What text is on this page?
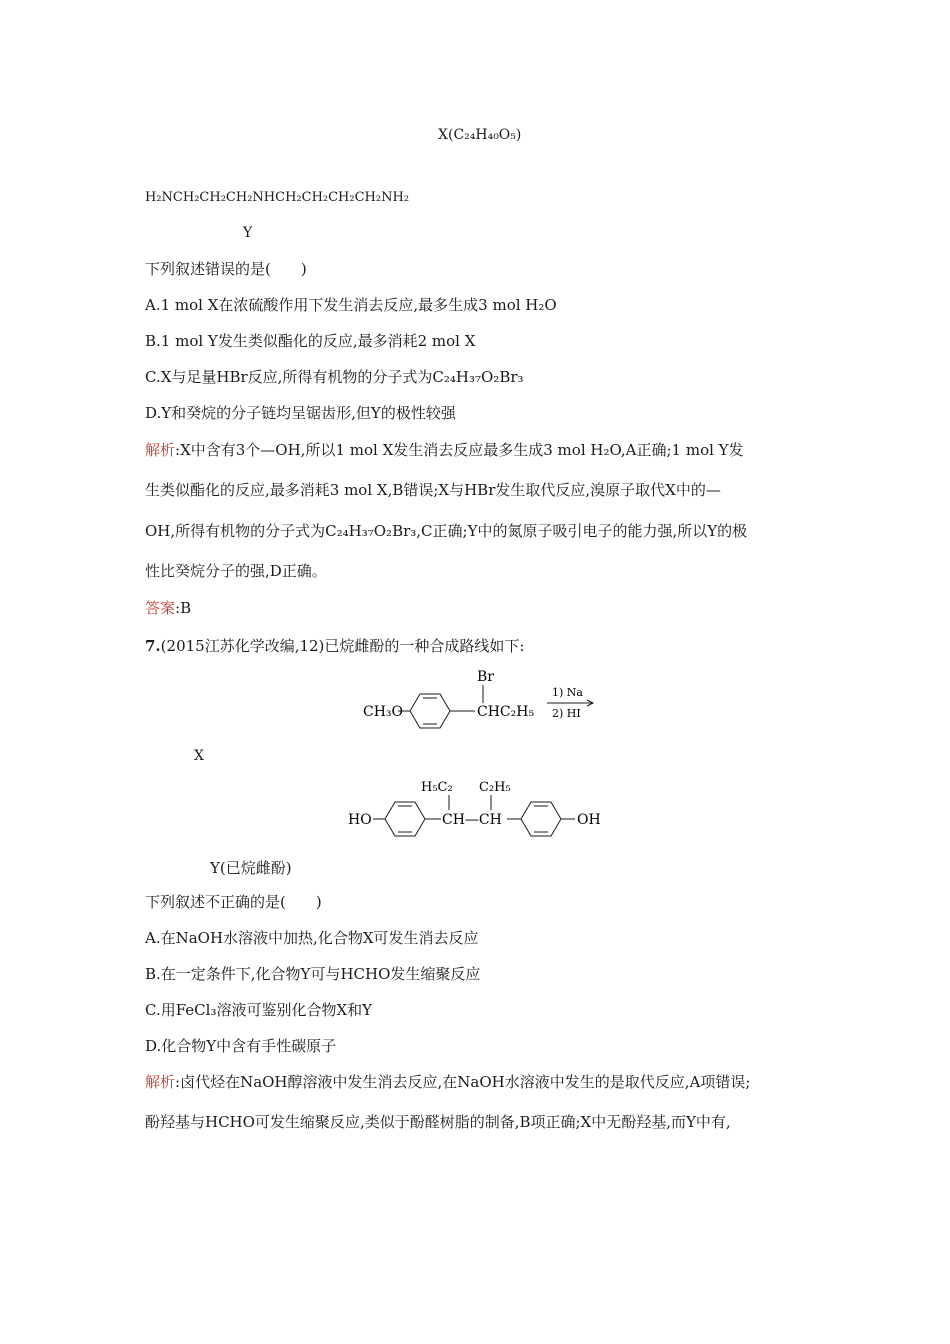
X(C₂₄H₄₀O₅)
H₂NCH₂CH₂CH₂NHCH₂CH₂CH₂CH₂NH₂
Y
下列叙述错误的是(　　)
A.1 mol X在浓硫酸作用下发生消去反应,最多生成3 mol H₂O
B.1 mol Y发生类似酯化的反应,最多消耗2 mol X
C.X与足量HBr反应,所得有机物的分子式为C₂₄H₃₇O₂Br₃
D.Y和癸烷的分子链均呈锯齿形,但Y的极性较强
解析:X中含有3个—OH,所以1 mol X发生消去反应最多生成3 mol H₂O,A正确;1 mol Y发
生类似酯化的反应,最多消耗3 mol X,B错误;X与HBr发生取代反应,溴原子取代X中的—
OH,所得有机物的分子式为C₂₄H₃₇O₂Br₃,C正确;Y中的氮原子吸引电子的能力强,所以Y的极
性比癸烷分子的强,D正确。
答案:B
7.(2015江苏化学改编,12)已烷雌酚的一种合成路线如下:
CH₃O
Br
CHC₂H₅
1) Na
2) HI
X
HO
H₅C₂ C₂H₅
CH—CH	OH
Y(已烷雌酚)
下列叙述不正确的是(　　)
A.在NaOH水溶液中加热,化合物X可发生消去反应
B.在一定条件下,化合物Y可与HCHO发生缩聚反应
C.用FeCl₃溶液可鉴别化合物X和Y
D.化合物Y中含有手性碳原子
解析:卤代烃在NaOH醇溶液中发生消去反应,在NaOH水溶液中发生的是取代反应,A项错误;
酚羟基与HCHO可发生缩聚反应,类似于酚醛树脂的制备,B项正确;X中无酚羟基,而Y中有,
